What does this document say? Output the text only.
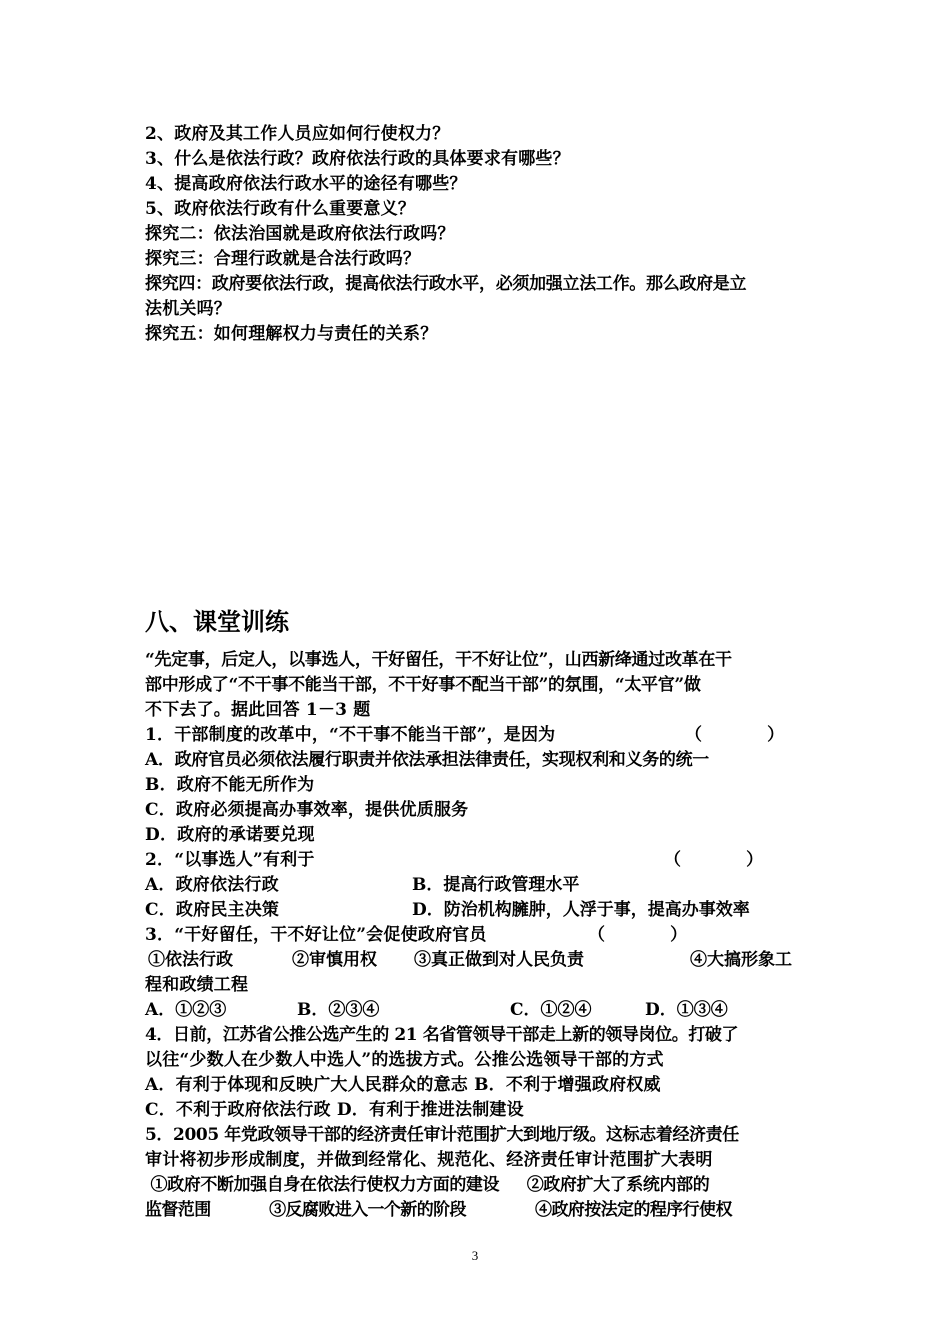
2、政府及其工作人员应如何行使权力？
3、什么是依法行政？政府依法行政的具体要求有哪些？
4、提高政府依法行政水平的途径有哪些？
5、政府依法行政有什么重要意义？
探究二：依法治国就是政府依法行政吗？
探究三：合理行政就是合法行政吗？
探究四：政府要依法行政，提高依法行政水平，必须加强立法工作。那么政府是立
法机关吗？
探究五：如何理解权力与责任的关系？
八、课堂训练
“先定事，后定人，以事选人，干好留任，干不好让位”，山西新绛通过改革在干
部中形成了“不干事不能当干部，不干好事不配当干部”的氛围，“太平官”做
不下去了。据此回答 1－3 题
1．干部制度的改革中，“不干事不能当干部”，是因为	（           ）
A．政府官员必须依法履行职责并依法承担法律责任，实现权利和义务的统一
B．政府不能无所作为
C．政府必须提高办事效率，提供优质服务
D．政府的承诺要兑现
2．“以事选人”有利于	（           ）
A．政府依法行政	B．提高行政管理水平
C．政府民主决策	D．防治机构臃肿，人浮于事，提高办事效率
3．“干好留任，干不好让位”会促使政府官员	（           ）
①依法行政	②审慎用权 ③真正做到对人民负责	④大搞形象工
程和政绩工程
A．①②③	B．②③④	C．①②④	D．①③④
4．日前，江苏省公推公选产生的 21 名省管领导干部走上新的领导岗位。打破了
以往“少数人在少数人中选人”的选拔方式。公推公选领导干部的方式
A．有利于体现和反映广大人民群众的意志 B．不利于增强政府权威
C．不利于政府依法行政 D．有利于推进法制建设
5．2005 年党政领导干部的经济责任审计范围扩大到地厅级。这标志着经济责任
审计将初步形成制度，并做到经常化、规范化、经济责任审计范围扩大表明
①政府不断加强自身在依法行使权力方面的建设     ②政府扩大了系统内部的
监督范围           ③反腐败进入一个新的阶段             ④政府按法定的程序行使权
3
